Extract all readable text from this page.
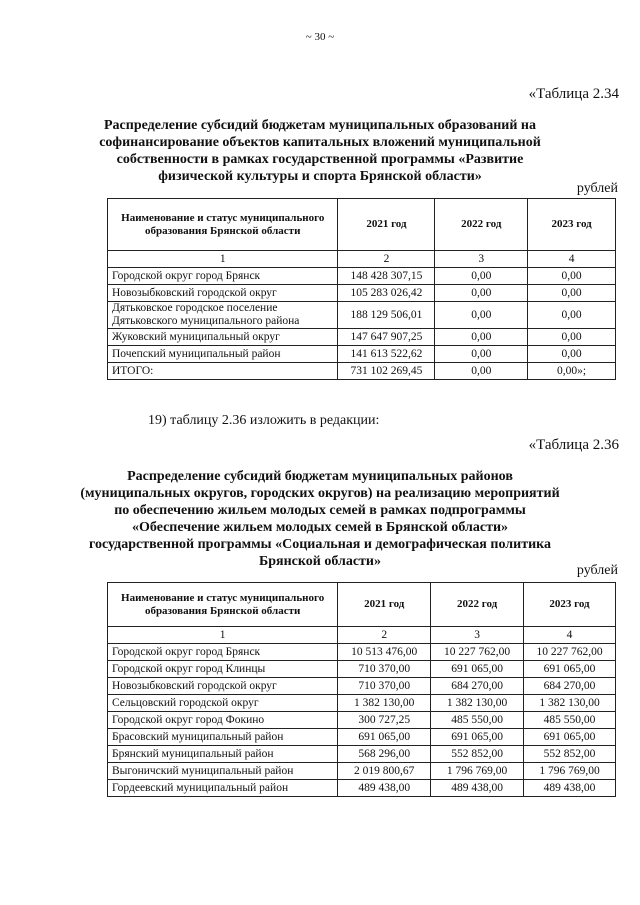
~ 30 ~
«Таблица 2.34
Распределение субсидий бюджетам муниципальных образований на софинансирование объектов капитальных вложений муниципальной собственности в рамках государственной программы «Развитие физической культуры и спорта Брянской области»
рублей
Наименование и статус муниципального образования Брянской области	2021 год	2022 год	2023 год
1	2	3	4
Городской округ город Брянск	148 428 307,15	0,00	0,00
Новозыбковский городской округ	105 283 026,42	0,00	0,00
Дятьковское городское поселение Дятьковского муниципального района	188 129 506,01	0,00	0,00
Жуковский муниципальный округ	147 647 907,25	0,00	0,00
Почепский муниципальный район	141 613 522,62	0,00	0,00
ИТОГО:	731 102 269,45	0,00	0,00»;
19) таблицу 2.36 изложить в редакции:
«Таблица 2.36
Распределение субсидий бюджетам муниципальных районов (муниципальных округов, городских округов) на реализацию мероприятий по обеспечению жильем молодых семей в рамках подпрограммы «Обеспечение жильем молодых семей в Брянской области» государственной программы «Социальная и демографическая политика Брянской области»
рублей
Наименование и статус муниципального образования Брянской области	2021 год	2022 год	2023 год
1	2	3	4
Городской округ город Брянск	10 513 476,00	10 227 762,00	10 227 762,00
Городской округ город Клинцы	710 370,00	691 065,00	691 065,00
Новозыбковский городской округ	710 370,00	684 270,00	684 270,00
Сельцовский городской округ	1 382 130,00	1 382 130,00	1 382 130,00
Городской округ город Фокино	300 727,25	485 550,00	485 550,00
Брасовский муниципальный район	691 065,00	691 065,00	691 065,00
Брянский муниципальный район	568 296,00	552 852,00	552 852,00
Выгоничский муниципальный район	2 019 800,67	1 796 769,00	1 796 769,00
Гордеевский муниципальный район	489 438,00	489 438,00	489 438,00
